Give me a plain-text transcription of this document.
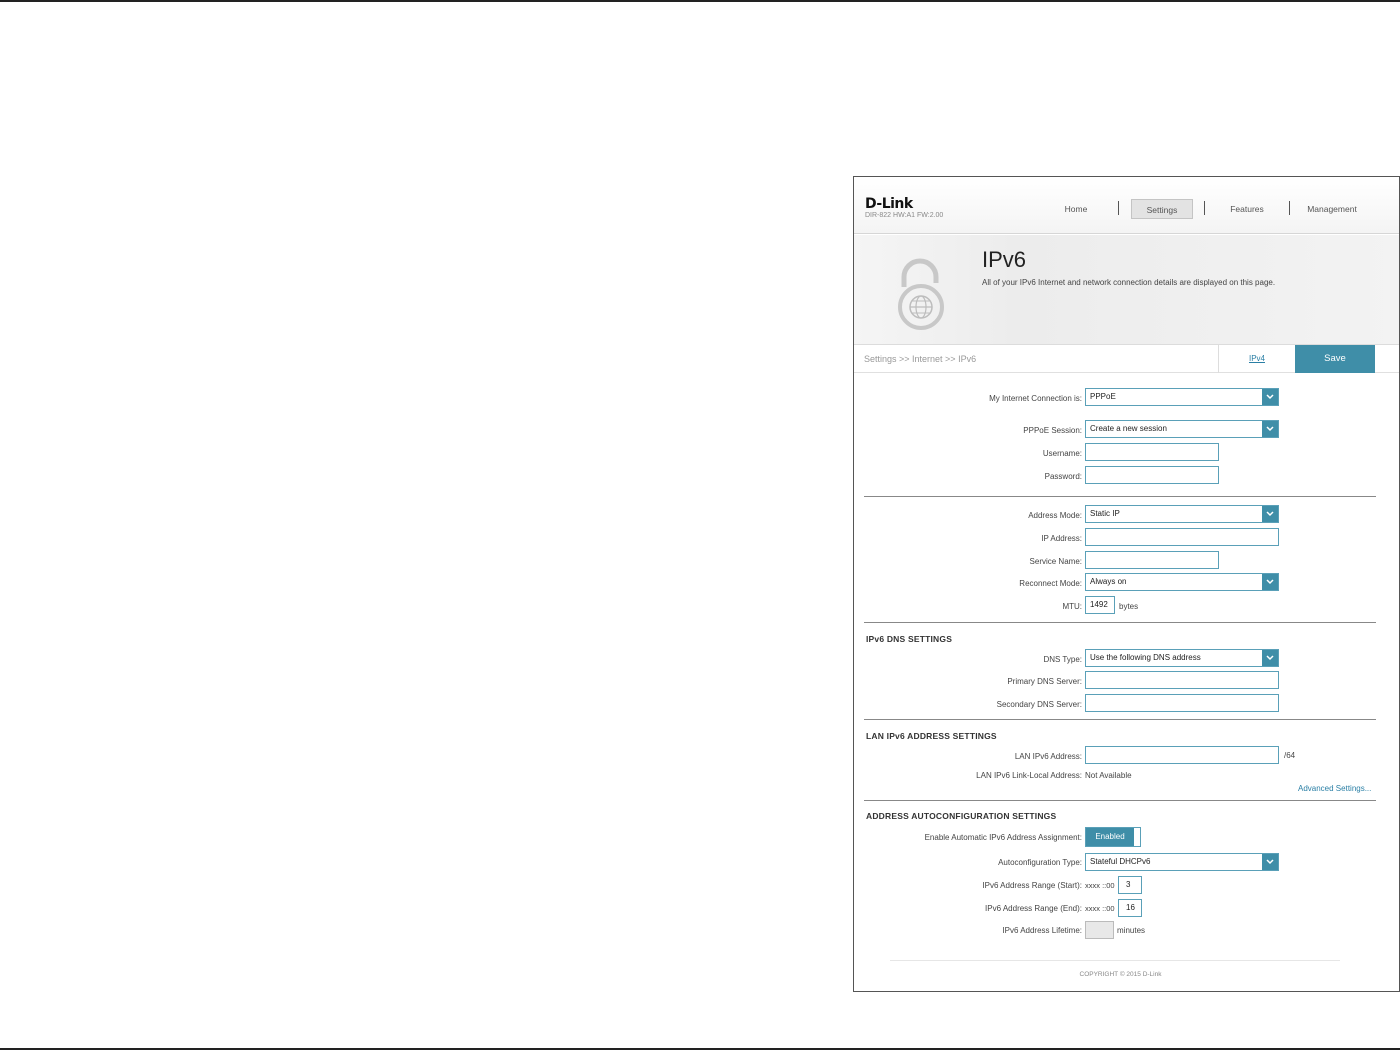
D-Link
DIR-822 HW:A1 FW:2.00
Home	Settings	Features	Management
IPv6
All of your IPv6 Internet and network connection details are displayed on this page.
Settings >> Internet >> IPv6	IPv4	Save
My Internet Connection is:	PPPoE
PPPoE Session:	Create a new session
Username:
Password:
Address Mode:	Static IP
IP Address:
Service Name:
Reconnect Mode:	Always on
MTU:	1492	bytes
IPv6 DNS SETTINGS
DNS Type:	Use the following DNS address
Primary DNS Server:
Secondary DNS Server:
LAN IPv6 ADDRESS SETTINGS
LAN IPv6 Address:	/64
LAN IPv6 Link-Local Address: Not Available
Advanced Settings...
ADDRESS AUTOCONFIGURATION SETTINGS
Enable Automatic IPv6 Address Assignment:	Enabled
Autoconfiguration Type:	Stateful DHCPv6
IPv6 Address Range (Start): xxxx ::00	3
IPv6 Address Range (End): xxxx ::00	16
IPv6 Address Lifetime:	minutes
COPYRIGHT © 2015 D-Link
